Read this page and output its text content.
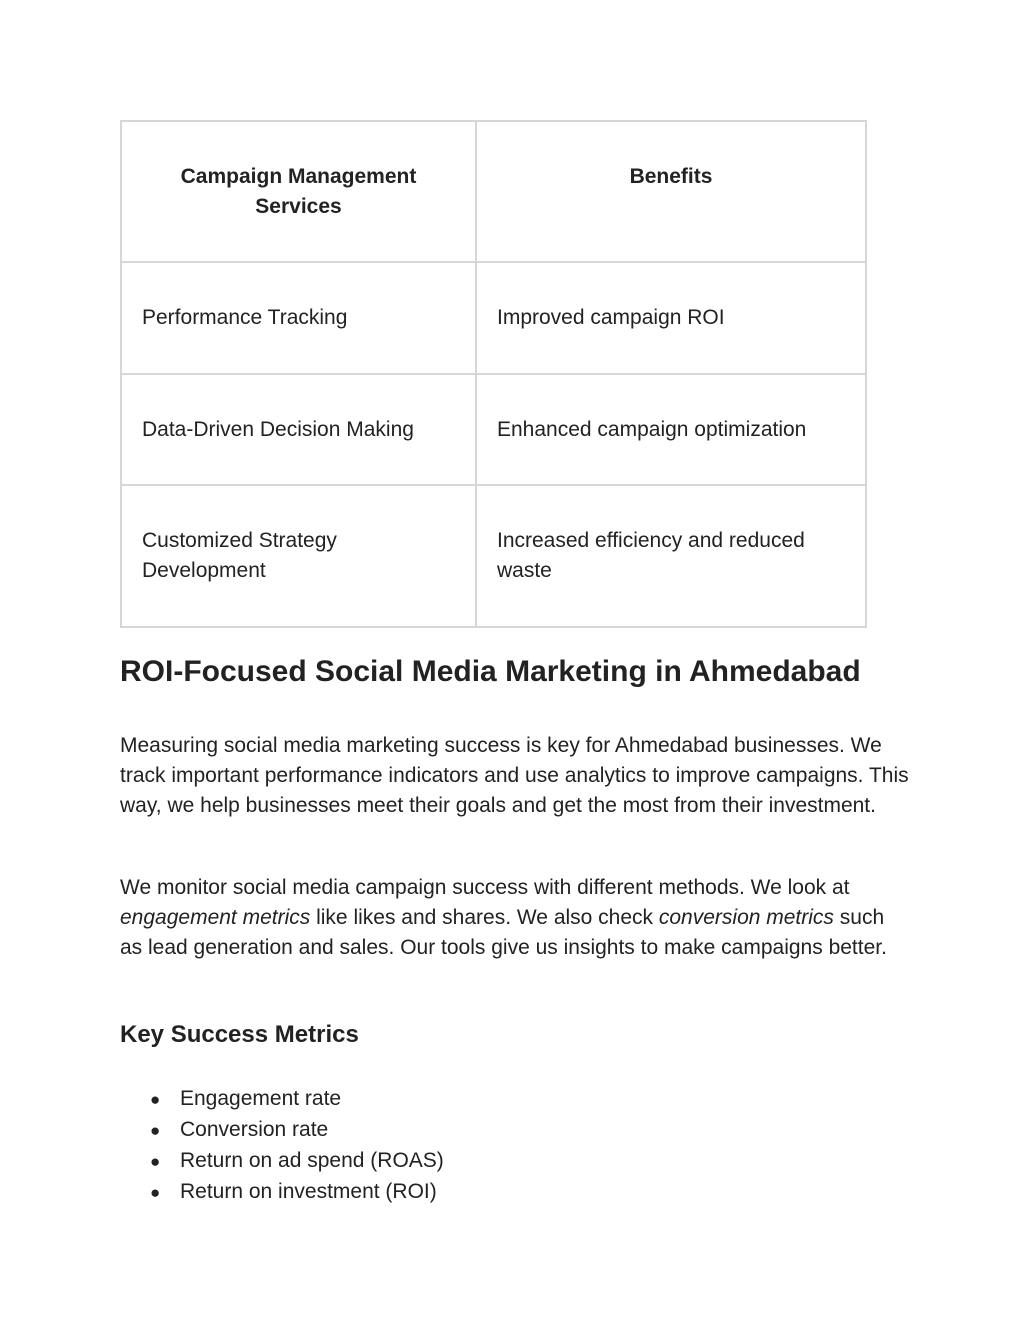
Campaign Management Services	Benefits
Performance Tracking	Improved campaign ROI
Data-Driven Decision Making	Enhanced campaign optimization
Customized Strategy Development	Increased efficiency and reduced waste
ROI-Focused Social Media Marketing in Ahmedabad

Measuring social media marketing success is key for Ahmedabad businesses. We track important performance indicators and use analytics to improve campaigns. This way, we help businesses meet their goals and get the most from their investment.

We monitor social media campaign success with different methods. We look at engagement metrics like likes and shares. We also check conversion metrics such as lead generation and sales. Our tools give us insights to make campaigns better.

Key Success Metrics
● Engagement rate
● Conversion rate
● Return on ad spend (ROAS)
● Return on investment (ROI)
